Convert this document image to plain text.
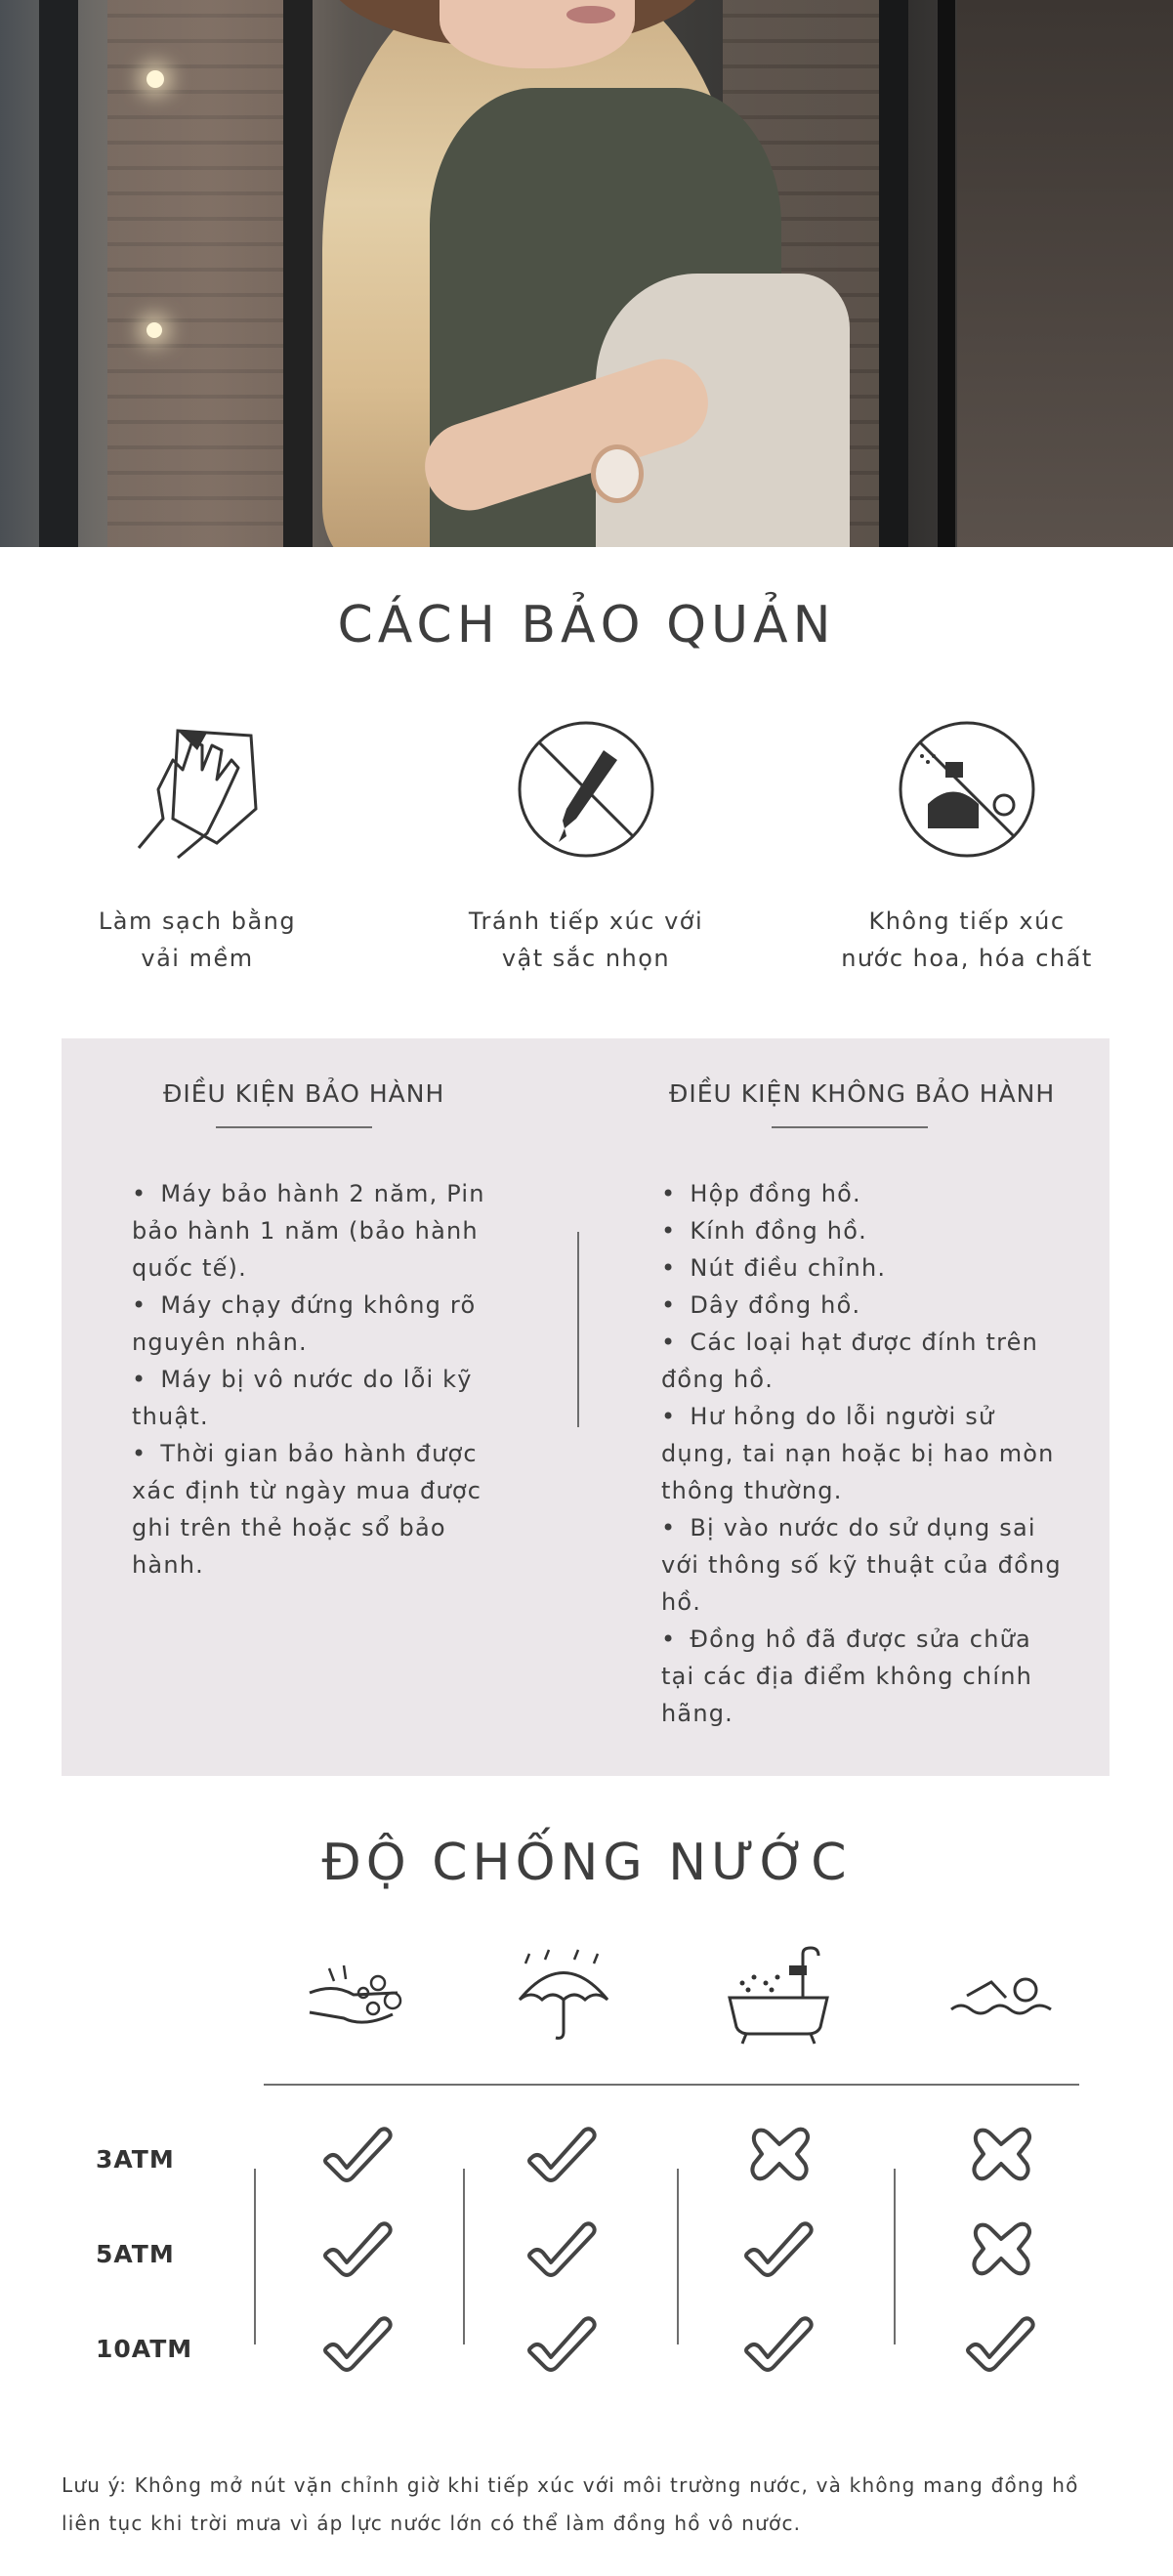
CÁCH BẢO QUẢN
Làm sạch bằng
vải mềm
Tránh tiếp xúc với
vật sắc nhọn
Không tiếp xúc
nước hoa, hóa chất
ĐIỀU KIỆN BẢO HÀNH
• Máy bảo hành 2 năm, Pin bảo hành 1 năm (bảo hành quốc tế).
• Máy chạy đứng không rõ nguyên nhân.
• Máy bị vô nước do lỗi kỹ thuật.
• Thời gian bảo hành được xác định từ ngày mua được ghi trên thẻ hoặc sổ bảo hành.
ĐIỀU KIỆN KHÔNG BẢO HÀNH
• Hộp đồng hồ.
• Kính đồng hồ.
• Nút điều chỉnh.
• Dây đồng hồ.
• Các loại hạt được đính trên đồng hồ.
• Hư hỏng do lỗi người sử dụng, tai nạn hoặc bị hao mòn thông thường.
• Bị vào nước do sử dụng sai với thông số kỹ thuật của đồng hồ.
• Đồng hồ đã được sửa chữa tại các địa điểm không chính hãng.
ĐỘ CHỐNG NƯỚC
3ATM
5ATM
10ATM

Lưu ý: Không mở nút vặn chỉnh giờ khi tiếp xúc với môi trường nước, và không mang đồng hồ liên tục khi trời mưa vì áp lực nước lớn có thể làm đồng hồ vô nước.
